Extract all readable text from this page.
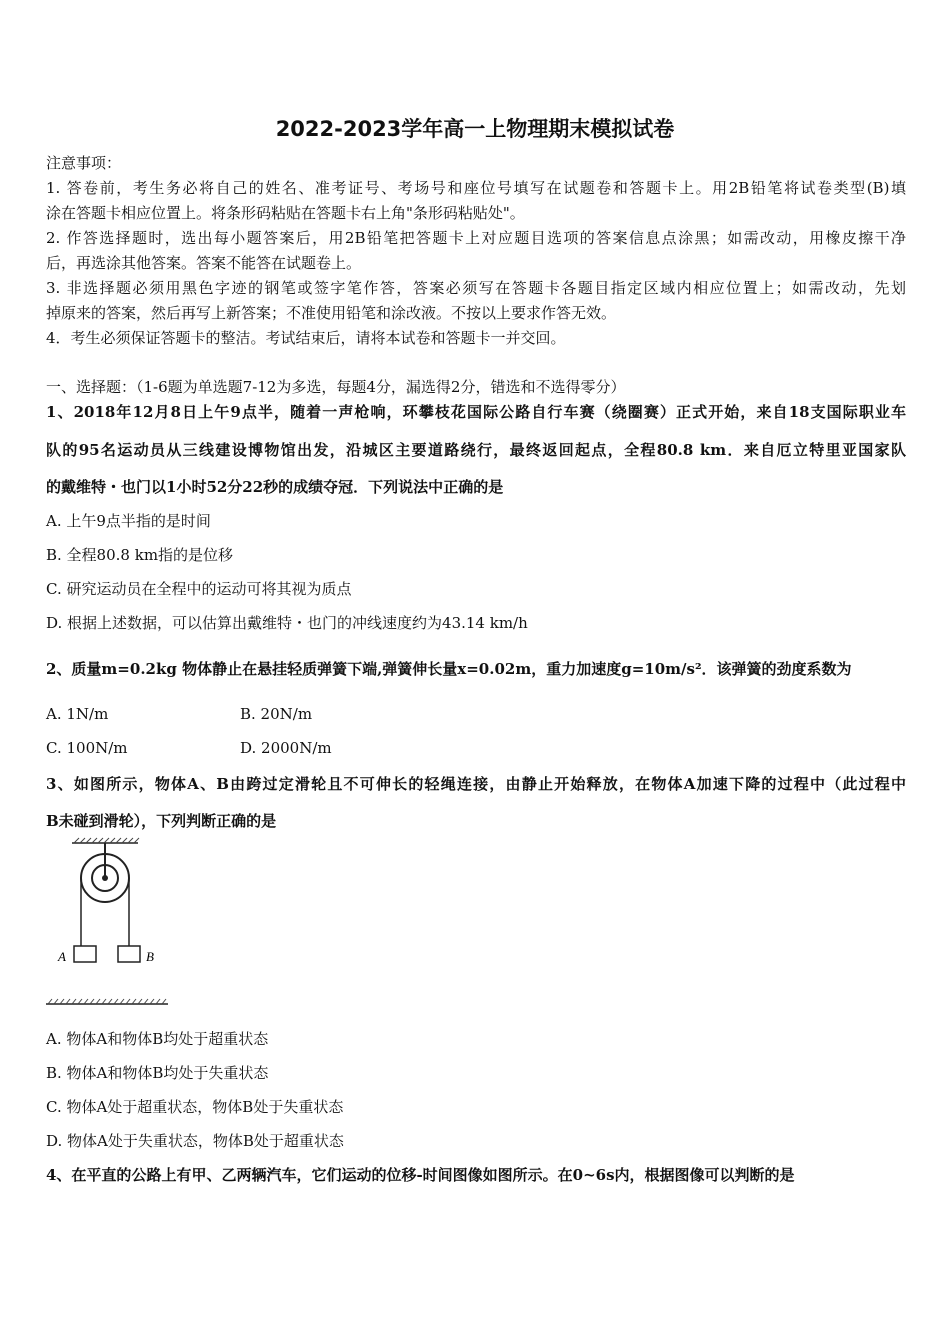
2022-2023学年高一上物理期末模拟试卷
注意事项：
1. 答卷前，考生务必将自己的姓名、准考证号、考场号和座位号填写在试题卷和答题卡上。用2B铅笔将试卷类型(B)填
涂在答题卡相应位置上。将条形码粘贴在答题卡右上角"条形码粘贴处"。
2. 作答选择题时，选出每小题答案后，用2B铅笔把答题卡上对应题目选项的答案信息点涂黑；如需改动，用橡皮擦干净
后，再选涂其他答案。答案不能答在试题卷上。
3. 非选择题必须用黑色字迹的钢笔或签字笔作答，答案必须写在答题卡各题目指定区域内相应位置上；如需改动，先划
掉原来的答案，然后再写上新答案；不准使用铅笔和涂改液。不按以上要求作答无效。
4．考生必须保证答题卡的整洁。考试结束后，请将本试卷和答题卡一并交回。
一、选择题：（1-6题为单选题7-12为多选，每题4分，漏选得2分，错选和不选得零分）
1、2018年12月8日上午9点半，随着一声枪响，环攀枝花国际公路自行车赛（绕圈赛）正式开始，来自18支国际职业车
队的95名运动员从三线建设博物馆出发，沿城区主要道路绕行，最终返回起点，全程80.8 km．来自厄立特里亚国家队
的戴维特・也门以1小时52分22秒的成绩夺冠．下列说法中正确的是
A. 上午9点半指的是时间
B. 全程80.8 km指的是位移
C. 研究运动员在全程中的运动可将其视为质点
D. 根据上述数据，可以估算出戴维特・也门的冲线速度约为43.14 km/h
2、质量m=0.2kg 物体静止在悬挂轻质弹簧下端,弹簧伸长量x=0.02m，重力加速度g=10m/s²．该弹簧的劲度系数为
A. 1N/m	B. 20N/m
C. 100N/m	D. 2000N/m
3、如图所示，物体A、B由跨过定滑轮且不可伸长的轻绳连接，由静止开始释放，在物体A加速下降的过程中（此过程中
B未碰到滑轮），下列判断正确的是
A	B
A. 物体A和物体B均处于超重状态
B. 物体A和物体B均处于失重状态
C. 物体A处于超重状态，物体B处于失重状态
D. 物体A处于失重状态，物体B处于超重状态
4、在平直的公路上有甲、乙两辆汽车，它们运动的位移-时间图像如图所示。在0~6s内，根据图像可以判断的是
